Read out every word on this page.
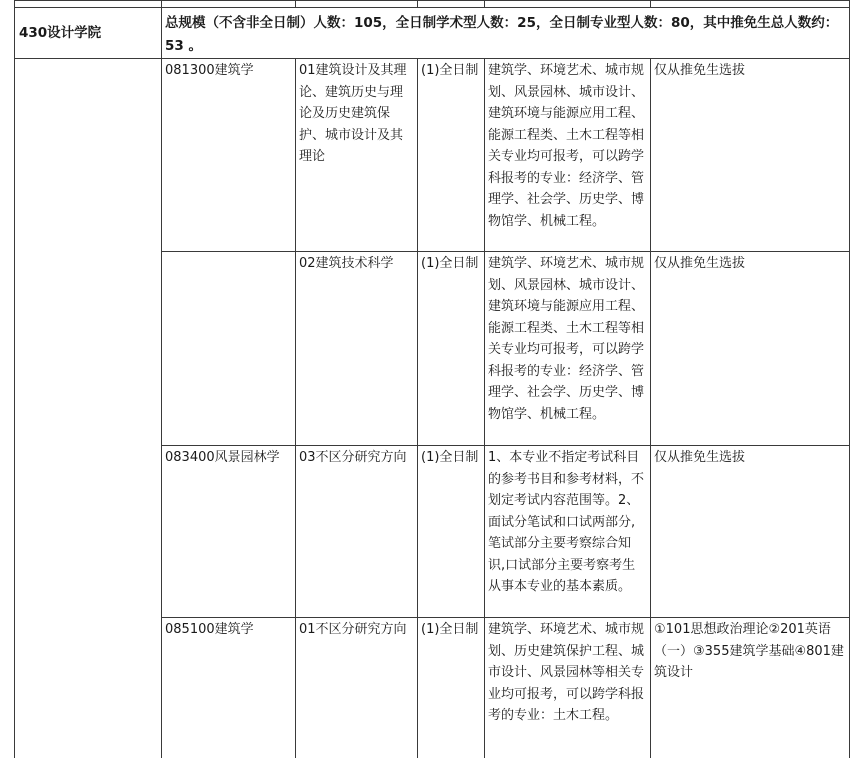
430设计学院	总规模（不含非全日制）人数：105，全日制学术型人数：25，全日制专业型人数：80，其中推免生总人数约：53 。				
	081300建筑学	01建筑设计及其理论、建筑历史与理论及历史建筑保护、城市设计及其理论	(1)全日制	建筑学、环境艺术、城市规划、风景园林、城市设计、建筑环境与能源应用工程、能源工程类、土木工程等相关专业均可报考，可以跨学科报考的专业：经济学、管理学、社会学、历史学、博物馆学、机械工程。	仅从推免生选拔
		02建筑技术科学	(1)全日制	建筑学、环境艺术、城市规划、风景园林、城市设计、建筑环境与能源应用工程、能源工程类、土木工程等相关专业均可报考，可以跨学科报考的专业：经济学、管理学、社会学、历史学、博物馆学、机械工程。	仅从推免生选拔
	083400风景园林学	03不区分研究方向	(1)全日制	1、本专业不指定考试科目的参考书目和参考材料，不划定考试内容范围等。2、面试分笔试和口试两部分,笔试部分主要考察综合知识,口试部分主要考察考生从事本专业的基本素质。	仅从推免生选拔
	085100建筑学	01不区分研究方向	(1)全日制	建筑学、环境艺术、城市规划、历史建筑保护工程、城市设计、风景园林等相关专业均可报考，可以跨学科报考的专业：土木工程。	①101思想政治理论②201英语（一）③355建筑学基础④801建筑设计
